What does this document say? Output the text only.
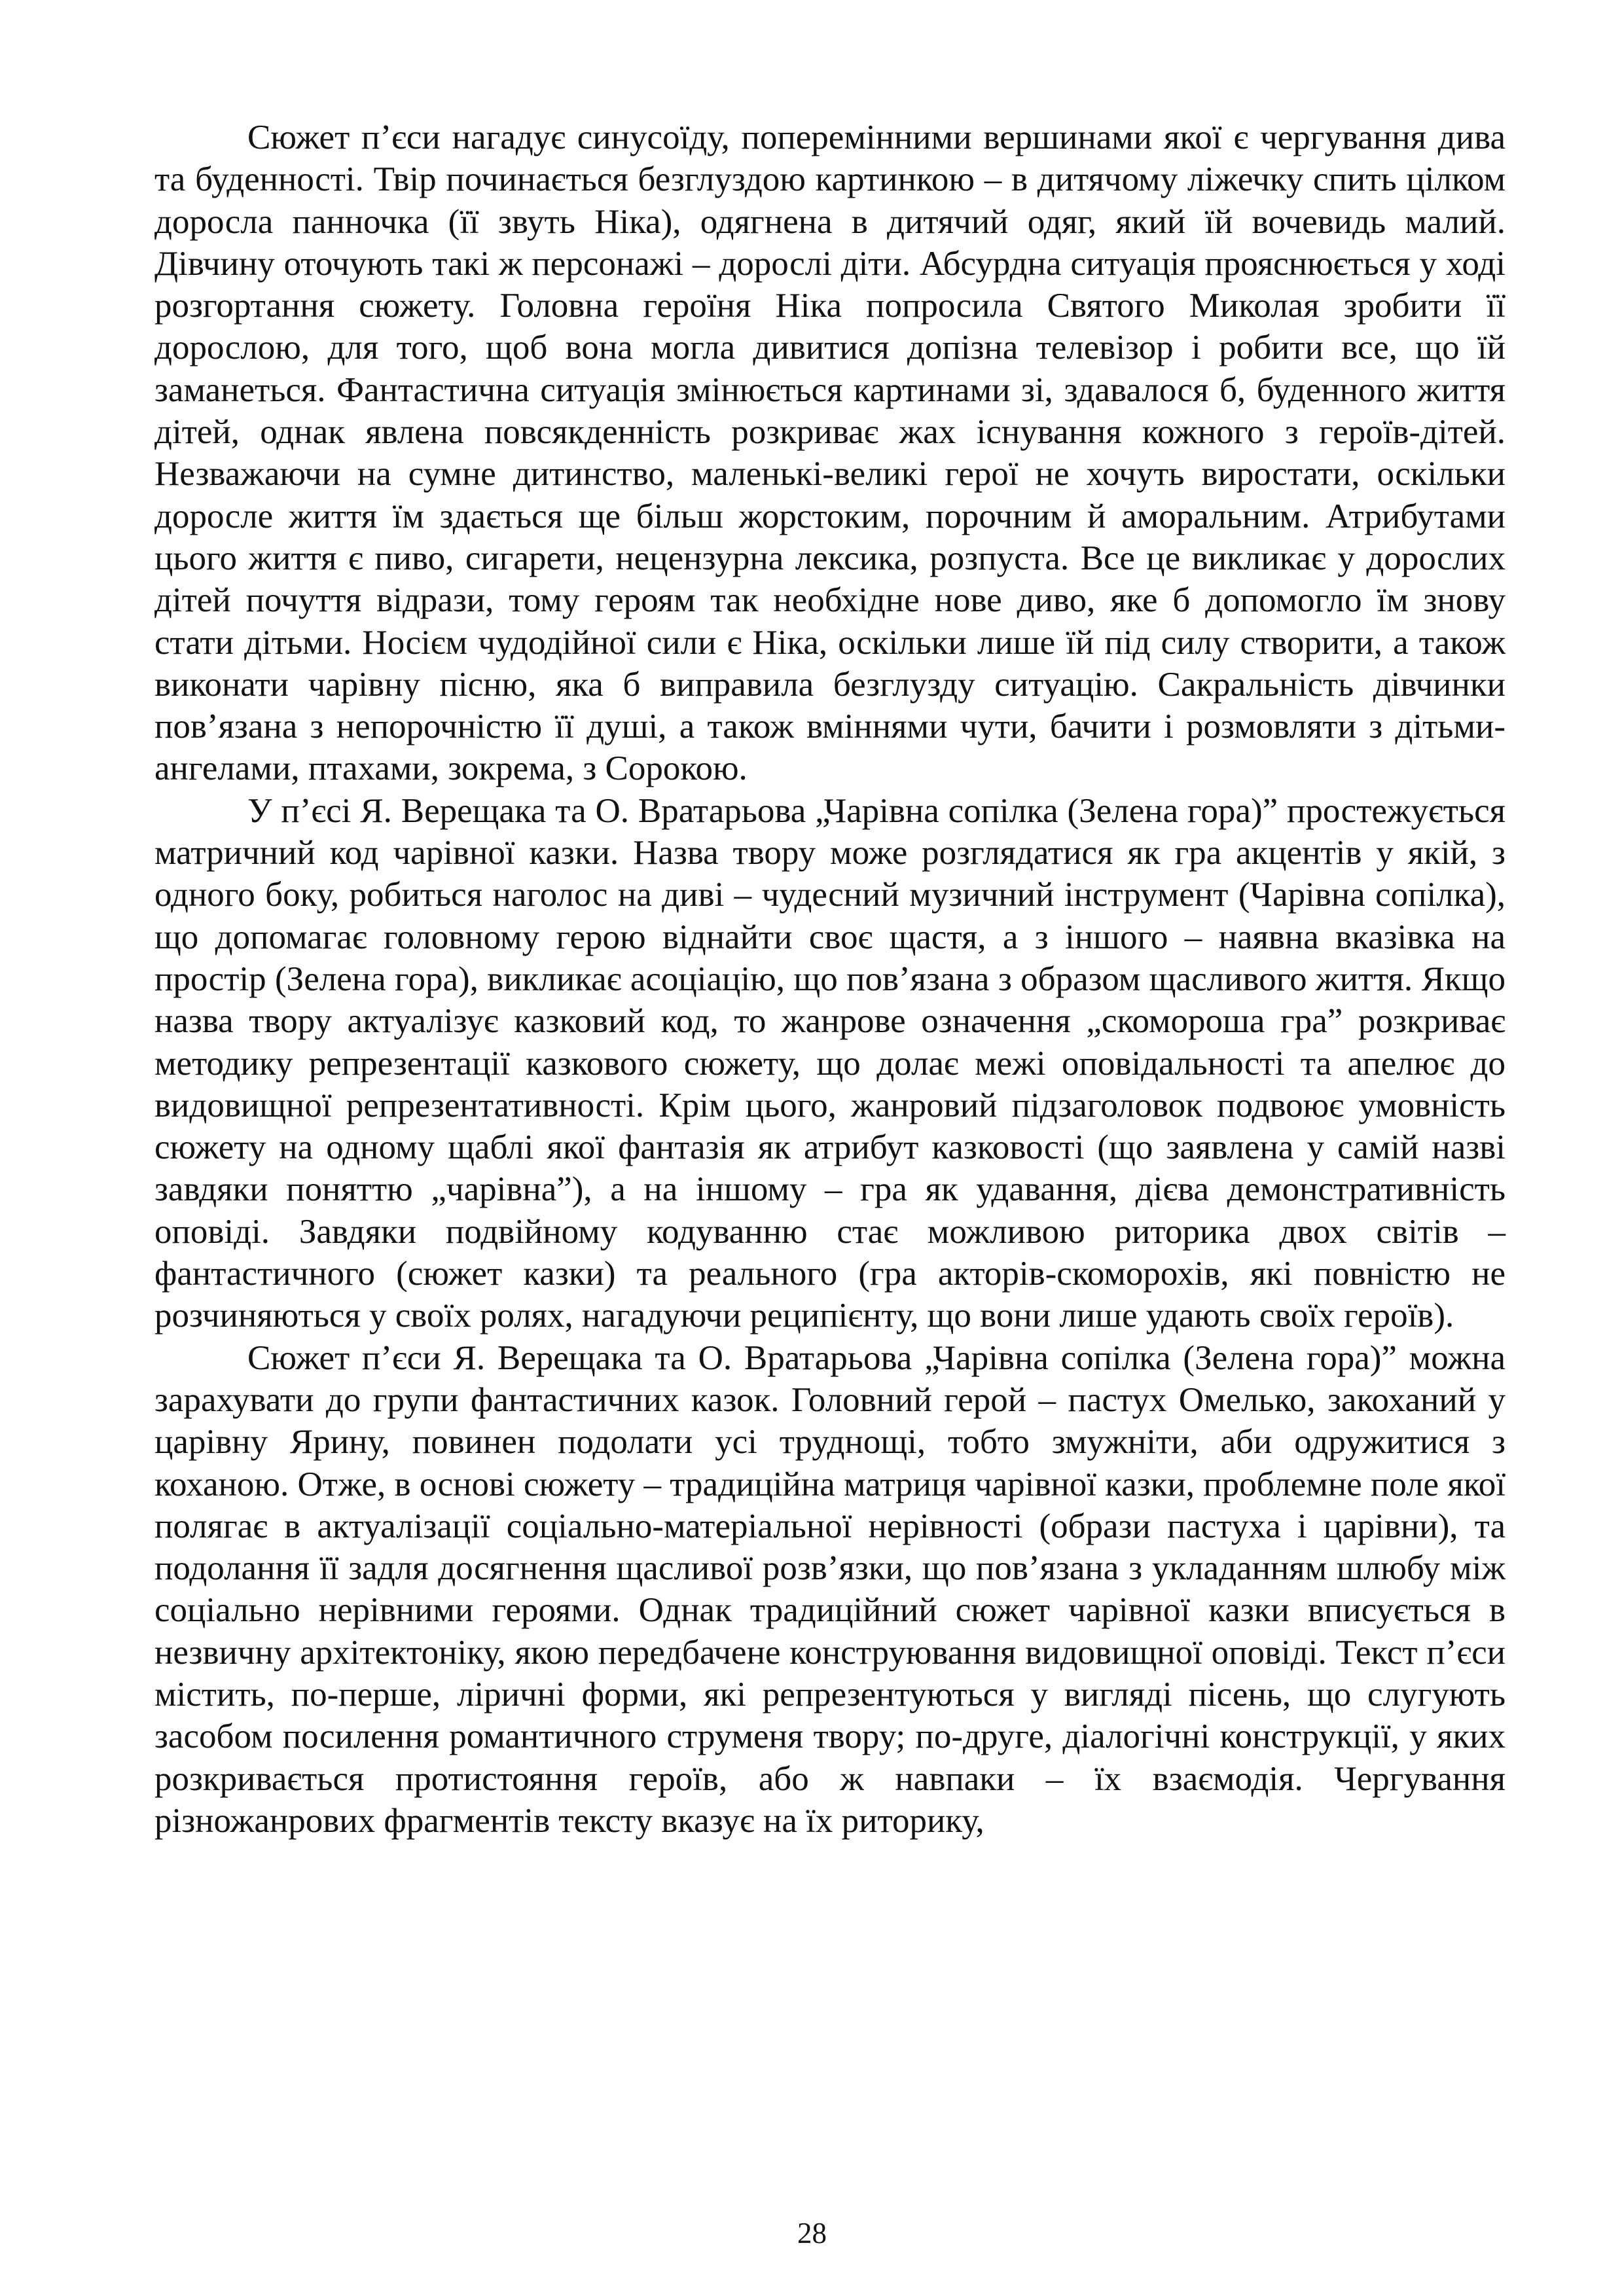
Сюжет п’єси нагадує синусоїду, поперемінними вершинами якої є чергування дива та буденності. Твір починається безглуздою картинкою – в дитячому ліжечку спить цілком доросла панночка (її звуть Ніка), одягнена в дитячий одяг, який їй вочевидь малий. Дівчину оточують такі ж персонажі – дорослі діти. Абсурдна ситуація прояснюється у ході розгортання сюжету. Головна героїня Ніка попросила Святого Миколая зробити її дорослою, для того, щоб вона могла дивитися допізна телевізор і робити все, що їй заманеться. Фантастична ситуація змінюється картинами зі, здавалося б, буденного життя дітей, однак явлена повсякденність розкриває жах існування кожного з героїв-дітей. Незважаючи на сумне дитинство, маленькі-великі герої не хочуть виростати, оскільки доросле життя їм здається ще більш жорстоким, порочним й аморальним. Атрибутами цього життя є пиво, сигарети, нецензурна лексика, розпуста. Все це викликає у дорослих дітей почуття відрази, тому героям так необхідне нове диво, яке б допомогло їм знову стати дітьми. Носієм чудодійної сили є Ніка, оскільки лише їй під силу створити, а також виконати чарівну пісню, яка б виправила безглузду ситуацію. Сакральність дівчинки пов’язана з непорочністю її душі, а також вміннями чути, бачити і розмовляти з дітьми-ангелами, птахами, зокрема, з Сорокою.

У п’єсі Я. Верещака та О. Вратарьова „Чарівна сопілка (Зелена гора)” простежується матричний код чарівної казки. Назва твору може розглядатися як гра акцентів у якій, з одного боку, робиться наголос на диві – чудесний музичний інструмент (Чарівна сопілка), що допомагає головному герою віднайти своє щастя, а з іншого – наявна вказівка на простір (Зелена гора), викликає асоціацію, що пов’язана з образом щасливого життя. Якщо назва твору актуалізує казковий код, то жанрове означення „скомороша гра” розкриває методику репрезентації казкового сюжету, що долає межі оповідальності та апелює до видовищної репрезентативності. Крім цього, жанровий підзаголовок подвоює умовність сюжету на одному щаблі якої фантазія як атрибут казковості (що заявлена у самій назві завдяки поняттю „чарівна”), а на іншому – гра як удавання, дієва демонстративність оповіді. Завдяки подвійному кодуванню стає можливою риторика двох світів – фантастичного (сюжет казки) та реального (гра акторів-скоморохів, які повністю не розчиняються у своїх ролях, нагадуючи реципієнту, що вони лише удають своїх героїв).

Сюжет п’єси Я. Верещака та О. Вратарьова „Чарівна сопілка (Зелена гора)” можна зарахувати до групи фантастичних казок. Головний герой – пастух Омелько, закоханий у царівну Ярину, повинен подолати усі труднощі, тобто змужніти, аби одружитися з коханою. Отже, в основі сюжету – традиційна матриця чарівної казки, проблемне поле якої полягає в актуалізації соціально-матеріальної нерівності (образи пастуха і царівни), та подолання її задля досягнення щасливої розв’язки, що пов’язана з укладанням шлюбу між соціально нерівними героями. Однак традиційний сюжет чарівної казки вписується в незвичну архітектоніку, якою передбачене конструювання видовищної оповіді. Текст п’єси містить, по-перше, ліричні форми, які репрезентуються у вигляді пісень, що слугують засобом посилення романтичного струменя твору; по-друге, діалогічні конструкції, у яких розкривається протистояння героїв, або ж навпаки – їх взаємодія. Чергування різножанрових фрагментів тексту вказує на їх риторику,

28
